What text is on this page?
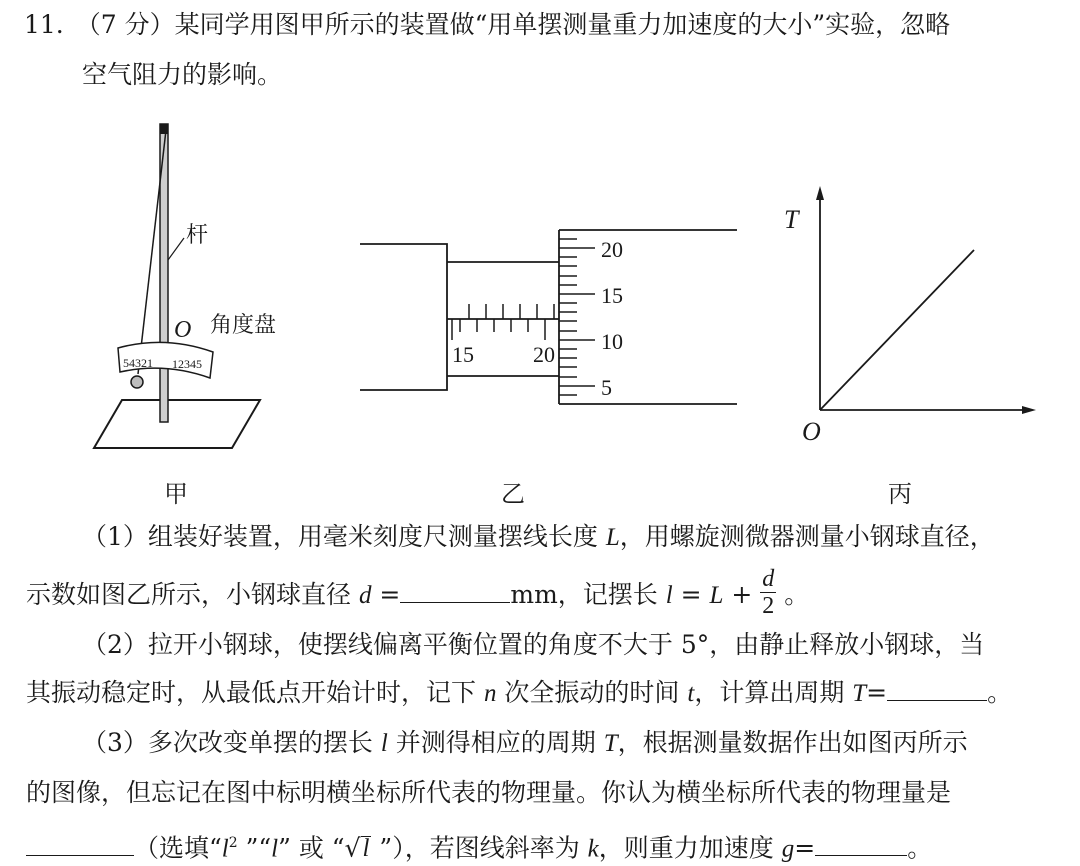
11. （7 分）某同学用图甲所示的装置做“用单摆测量重力加速度的大小”实验，忽略
空气阻力的影响。
54321 12345
杆
O 角度盘
甲
15	20
20
15
10
5
乙
T
O
丙
（1）组装好装置，用毫米刻度尺测量摆线长度 L，用螺旋测微器测量小钢球直径，
示数如图乙所示，小钢球直径 d =	mm，记摆长 $l = L + \frac{d}{2}$ 。
（2）拉开小钢球，使摆线偏离平衡位置的角度不大于 5°，由静止释放小钢球，当
其振动稳定时，从最低点开始计时，记下 n 次全振动的时间 t，计算出周期 T=	。
（3）多次改变单摆的摆长 l 并测得相应的周期 T，根据测量数据作出如图丙所示
的图像，但忘记在图中标明横坐标所代表的物理量。你认为横坐标所代表的物理量是
（选填“$l^2$ ”“l” 或 “√l ”），若图线斜率为 k，则重力加速度 g=	。
